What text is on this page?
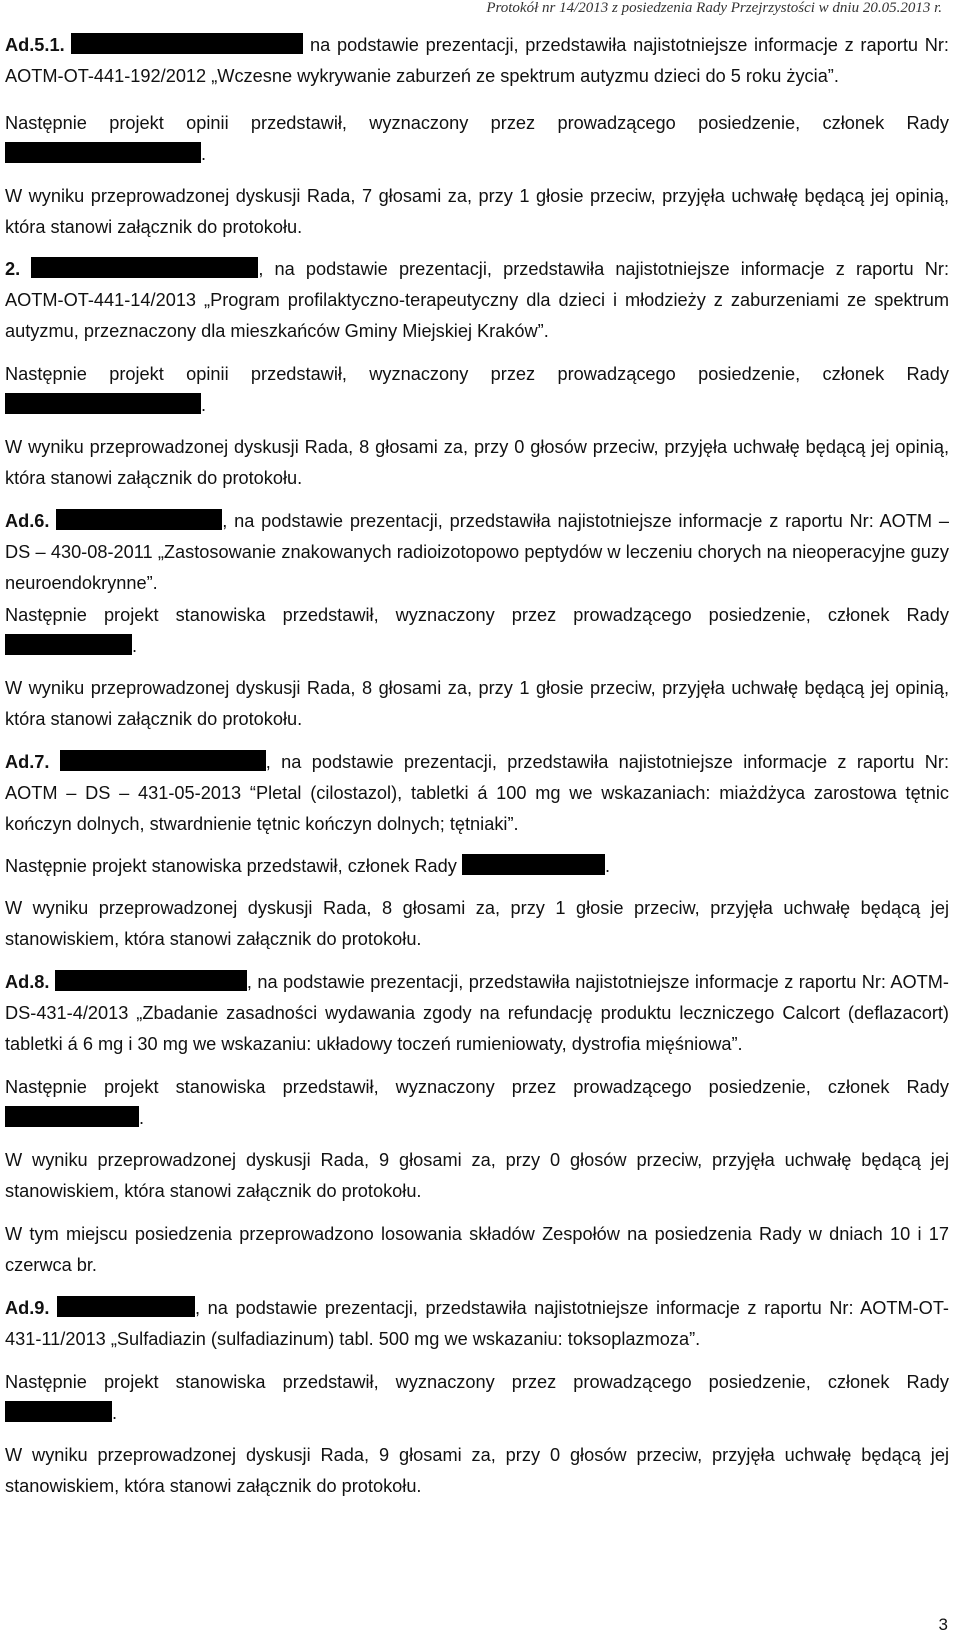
Protokół nr 14/2013 z posiedzenia Rady Przejrzystości w dniu 20.05.2013 r.

Ad.5.1.	na podstawie prezentacji, przedstawiła najistotniejsze informacje z raportu Nr: AOTM-OT-441-192/2012 „Wczesne wykrywanie zaburzeń ze spektrum autyzmu dzieci do 5 roku życia”.

Następnie projekt opinii przedstawił, wyznaczony przez prowadzącego posiedzenie, członek Rady .

W wyniku przeprowadzonej dyskusji Rada, 7 głosami za, przy 1 głosie przeciw, przyjęła uchwałę będącą jej opinią, która stanowi załącznik do protokołu.

2.	, na podstawie prezentacji, przedstawiła najistotniejsze informacje z raportu Nr: AOTM-OT-441-14/2013 „Program profilaktyczno-terapeutyczny dla dzieci i młodzieży z zaburzeniami ze spektrum autyzmu, przeznaczony dla mieszkańców Gminy Miejskiej Kraków”.

Następnie projekt opinii przedstawił, wyznaczony przez prowadzącego posiedzenie, członek Rady .

W wyniku przeprowadzonej dyskusji Rada, 8 głosami za, przy 0 głosów przeciw, przyjęła uchwałę będącą jej opinią, która stanowi załącznik do protokołu.

Ad.6.	, na podstawie prezentacji, przedstawiła najistotniejsze informacje z raportu Nr: AOTM – DS – 430-08-2011 „Zastosowanie znakowanych radioizotopowo peptydów w leczeniu chorych na nieoperacyjne guzy neuroendokrynne”.

Następnie projekt stanowiska przedstawił, wyznaczony przez prowadzącego posiedzenie, członek Rady .

W wyniku przeprowadzonej dyskusji Rada, 8 głosami za, przy 1 głosie przeciw, przyjęła uchwałę będącą jej opinią, która stanowi załącznik do protokołu.

Ad.7.	, na podstawie prezentacji, przedstawiła najistotniejsze informacje z raportu Nr: AOTM – DS – 431-05-2013 “Pletal (cilostazol), tabletki á 100 mg we wskazaniach: miażdżyca zarostowa tętnic kończyn dolnych, stwardnienie tętnic kończyn dolnych; tętniaki”.

Następnie projekt stanowiska przedstawił, członek Rady	.

W wyniku przeprowadzonej dyskusji Rada, 8 głosami za, przy 1 głosie przeciw, przyjęła uchwałę będącą jej stanowiskiem, która stanowi załącznik do protokołu.

Ad.8.	, na podstawie prezentacji, przedstawiła najistotniejsze informacje z raportu Nr: AOTM-DS-431-4/2013 „Zbadanie zasadności wydawania zgody na refundację produktu leczniczego Calcort (deflazacort) tabletki á 6 mg i 30 mg we wskazaniu: układowy toczeń rumieniowaty, dystrofia mięśniowa”.

Następnie projekt stanowiska przedstawił, wyznaczony przez prowadzącego posiedzenie, członek Rady .

W wyniku przeprowadzonej dyskusji Rada, 9 głosami za, przy 0 głosów przeciw, przyjęła uchwałę będącą jej stanowiskiem, która stanowi załącznik do protokołu.

W tym miejscu posiedzenia przeprowadzono losowania składów Zespołów na posiedzenia Rady w dniach 10 i 17 czerwca br.

Ad.9.	, na podstawie prezentacji, przedstawiła najistotniejsze informacje z raportu Nr: AOTM-OT-431-11/2013 „Sulfadiazin (sulfadiazinum) tabl. 500 mg we wskazaniu: toksoplazmoza”.

Następnie projekt stanowiska przedstawił, wyznaczony przez prowadzącego posiedzenie, członek Rady .

W wyniku przeprowadzonej dyskusji Rada, 9 głosami za, przy 0 głosów przeciw, przyjęła uchwałę będącą jej stanowiskiem, która stanowi załącznik do protokołu.

3
